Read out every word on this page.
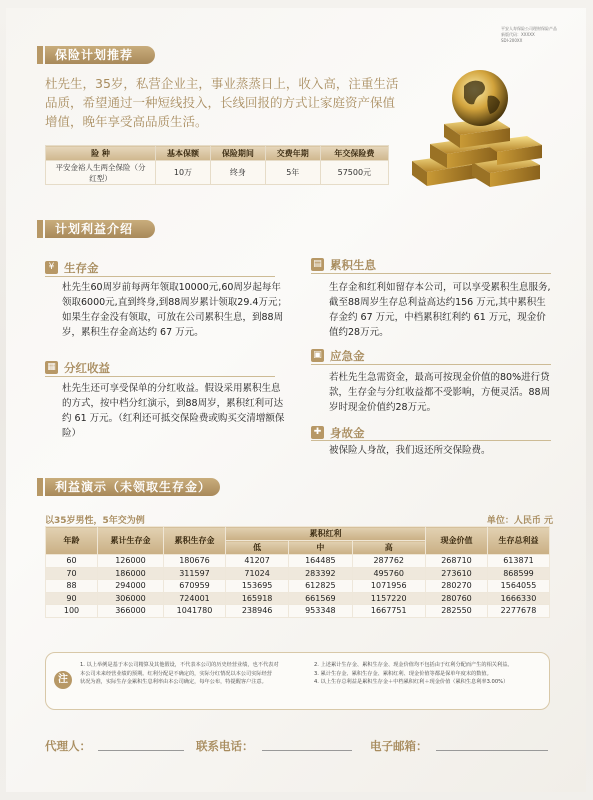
平安人寿保险公司理财保险产品
新版代码：XXXXX
SDI-200XX
保险计划推荐
杜先生，35岁，私营企业主，事业蒸蒸日上，收入高，注重生活品质，希望通过一种短线投入，长线回报的方式让家庭资产保值增值，晚年享受高品质生活。
险 种	基本保额	保险期间	交费年期	年交保险费
平安金裕人生两全保险（分红型）	10万	终身	5年	57500元
计划利益介绍
¥ 生存金
杜先生60周岁前每两年领取10000元,60周岁起每年领取6000元,直到终身,到88周岁累计领取29.4万元；如果生存金没有领取，可放在公司累积生息，到88周岁，累积生存金高达约 67 万元。
▦ 分红收益
杜先生还可享受保单的分红收益。假设采用累积生息的方式，按中档分红演示，到88周岁，累积红利可达约 61 万元。（红利还可抵交保险费或购买交清增额保险）
▤ 累积生息
生存金和红利如留存本公司，可以享受累积生息服务,截至88周岁生存总利益高达约156 万元,其中累积生存金约 67 万元，中档累积红利约 61 万元，现金价值约28万元。
▣ 应急金
若杜先生急需资金，最高可按现金价值的80%进行贷款，生存金与分红收益都不受影响，方便灵活。88周岁时现金价值约28万元。
✚ 身故金
被保险人身故，我们返还所交保险费。
利益演示（未领取生存金）
以35岁男性，5年交为例	单位：人民币 元
年龄	累计生存金	累积生存金	累积红利			现金价值	生存总利益
			低	中	高		
60	126000	180676	41207	164485	287762	268710	613871
70	186000	311597	71024	283392	495760	273610	868599
88	294000	670959	153695	612825	1071956	280270	1564055
90	306000	724001	165918	661569	1157220	280760	1666330
100	366000	1041780	238946	953348	1667751	282550	2277678
注
1. 以上举例是基于本公司精算及其他假设，不代表本公司的历史经营业绩，也不代表对
本公司未来经营业绩的预期。红利分配是不确定的，实际分红情况以本公司实际经营
状况为准，实际生存金累积生息利率由本公司确定，每年公布，特提醒客户注意。
2. 上述累计生存金、累积生存金、现金价值均不包括由于红利分配而产生的相关利益。
3. 累计生存金、累积生存金、累积红利、现金价值等都是保单年度末的数值。
4. 以上生存总利益是累积生存金＋中档累积红利＋现金价值（累积生息利率3.00%）
代理人：	联系电话：	电子邮箱：
